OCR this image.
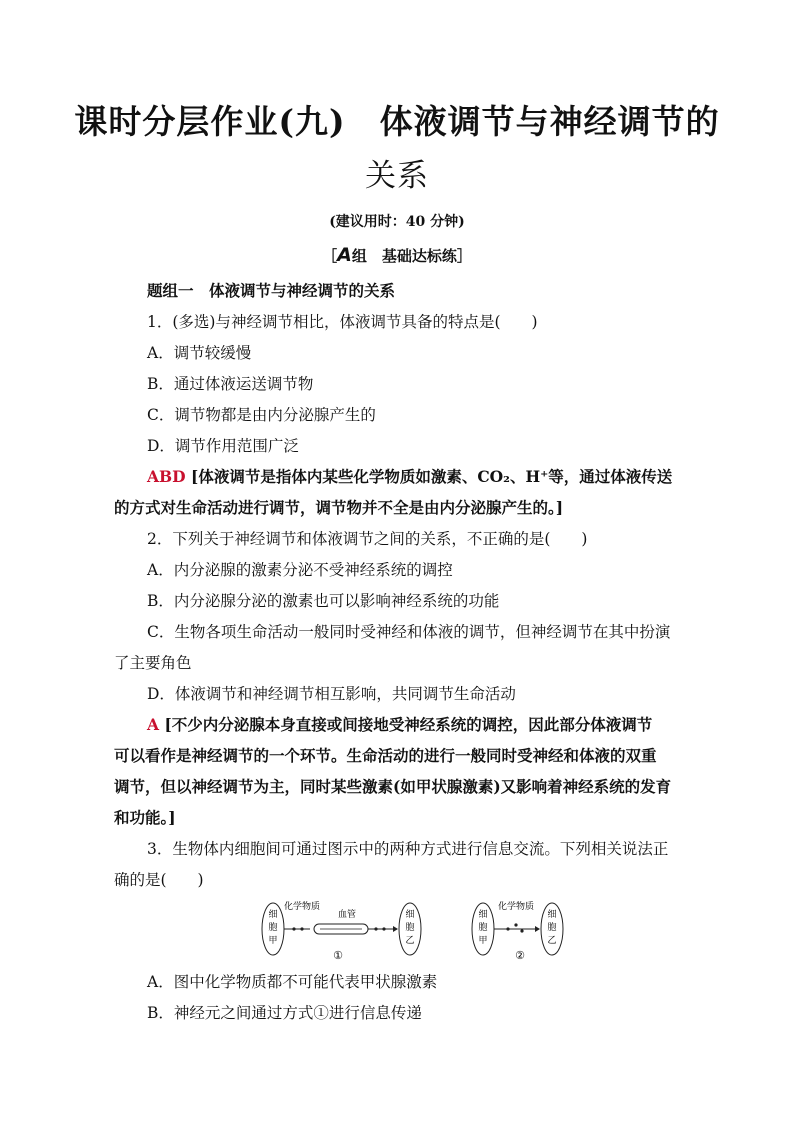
课时分层作业(九)　体液调节与神经调节的
关系
(建议用时：40 分钟)
［A组　基础达标练］
题组一　体液调节与神经调节的关系
1．(多选)与神经调节相比，体液调节具备的特点是(　　)
A．调节较缓慢
B．通过体液运送调节物
C．调节物都是由内分泌腺产生的
D．调节作用范围广泛
ABD [体液调节是指体内某些化学物质如激素、CO₂、H⁺等，通过体液传送
的方式对生命活动进行调节，调节物并不全是由内分泌腺产生的。]
2．下列关于神经调节和体液调节之间的关系，不正确的是(　　)
A．内分泌腺的激素分泌不受神经系统的调控
B．内分泌腺分泌的激素也可以影响神经系统的功能
C．生物各项生命活动一般同时受神经和体液的调节，但神经调节在其中扮演
了主要角色
D．体液调节和神经调节相互影响，共同调节生命活动
A [不少内分泌腺本身直接或间接地受神经系统的调控，因此部分体液调节
可以看作是神经调节的一个环节。生命活动的进行一般同时受神经和体液的双重
调节，但以神经调节为主，同时某些激素(如甲状腺激素)又影响着神经系统的发育
和功能。]
3．生物体内细胞间可通过图示中的两种方式进行信息交流。下列相关说法正
确的是(　　)
细
胞
甲
化学物质
血管	细
胞
乙
①
细
胞
甲
化学物质
细
胞
乙
②
A．图中化学物质都不可能代表甲状腺激素
B．神经元之间通过方式①进行信息传递
